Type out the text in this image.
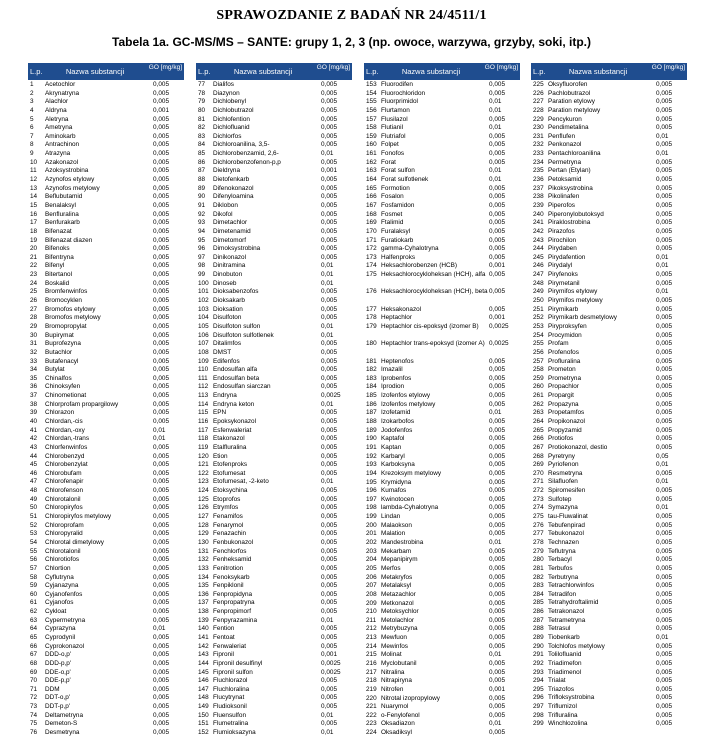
SPRAWOZDANIE Z BADAŃ NR 24/4511/1
Tabela 1a. GC-MS/MS – SANTE: grupy 1, 2, 3 (np. owoce, warzywa, grzyby, soki, itp.)
L.p.	Nazwa substancji	GO [mg/kg]
1	Acetochlor	0,005
2	Akrynatryna	0,005
3	Alachlor	0,005
4	Aldryna	0,001
5	Aletryna	0,005
6	Ametryna	0,005
7	Aminokarb	0,005
8	Antrachinon	0,005
9	Atrazyna	0,005
10	Azakonazol	0,005
11	Azoksystrobina	0,005
12	Azynofos etylowy	0,005
13	Azynofos metylowy	0,005
14	Beflubutamid	0,005
15	Benalaksyl	0,005
16	Benfluralina	0,005
17	Benfurakarb	0,005
18	Bifenazat	0,005
19	Bifenazat diazen	0,005
20	Bifenoks	0,005
21	Bifentryna	0,005
22	Bifenyl	0,005
23	Bitertanol	0,005
24	Boskalid	0,005
25	Bromfenwinfos	0,005
26	Bromocyklen	0,005
27	Bromofos etylowy	0,005
28	Bromofos metylowy	0,005
29	Bromopropylat	0,005
30	Bupirymat	0,005
31	Buprofezyna	0,005
32	Butachlor	0,005
33	Butafenacyl	0,005
34	Butylat	0,005
35	Chinalfos	0,005
36	Chinoksyfen	0,005
37	Chinometionat	0,005
38	Chlorprofam propargilowy	0,005
39	Chlorazon	0,005
40	Chlordan,-cis	0,005
41	Chlordan,-oxy	0,01
42	Chlordan,-trans	0,01
43	Chlorfenwinfos	0,005
44	Chlorobenzyd	0,005
45	Chlorobenzylat	0,005
46	Chlorobufam	0,005
47	Chlorofenapir	0,005
48	Chlorofenson	0,005
49	Chlorotalonil	0,005
50	Chloropiryfos	0,005
51	Chloropiryfos metylowy	0,005
52	Chloroprofam	0,005
53	Chloropyralid	0,005
54	Chlorotal dimetylowy	0,005
55	Chlorotalonil	0,005
56	Chlorotiofos	0,005
57	Chlortion	0,005
58	Cyflutryna	0,005
59	Cyjanazyna	0,005
60	Cyjanofenfos	0,005
61	Cyjanofos	0,005
62	Cykloat	0,005
63	Cypermetryna	0,005
64	Cyprazyna	0,01
65	Cyprodynil	0,005
66	Cyprokonazol	0,005
67	DDD-o,p'	0,005
68	DDD-p,p'	0,005
69	DDE-o,p'	0,005
70	DDE-p,p'	0,005
71	DDM	0,005
72	DDT-o,p'	0,005
73	DDT-p,p'	0,005
74	Deltametryna	0,005
75	Demeton-S	0,005
76	Desmetryna	0,005
L.p.	Nazwa substancji	GO [mg/kg]
77	Dialifos	0,005
78	Diazynon	0,005
79	Dichlobenyl	0,005
80	Dichlobutrazol	0,005
81	Dichlofention	0,005
82	Dichlofluanid	0,005
83	Dichlorfos	0,005
84	Dichloroanilina, 3,5-	0,005
85	Dichlorobenzamid, 2,6-	0,01
86	Dichlorobenzofenon-p,p	0,005
87	Dieldryna	0,001
88	Dietofenkarb	0,005
89	Difenokonazol	0,005
90	Difenyloamina	0,005
91	Diklobon	0,005
92	Dikofol	0,005
93	Dimetachlor	0,005
94	Dimetenamid	0,005
95	Dimetomorf	0,005
96	Dimoksystrobina	0,005
97	Dinikonazol	0,005
98	Dinitramina	0,01
99	Dinobuton	0,01
100 Dinoseb	0,01
101 Dioksabenzofos	0,005
102 Dioksakarb	0,005
103 Dioksation	0,005
104 Disulfoton	0,005
105 Disulfoton sulfon	0,01
106 Disulfoton sulfotlenek	0,01
107 Ditalimfos	0,005
108 DMST	0,005
109 Edifenfos	0,005
110 Endosulfan alfa	0,005
111 Endosulfan beta	0,005
112 Endosulfan siarczan	0,005
113 Endryna	0,0025
114 Endryna keton	0,01
115 EPN	0,005
116 Epoksykonazol	0,005
117 Esfenwaleriat	0,005
118 Etakonazol	0,005
119 Etalfluralina	0,005
120 Etion	0,005
121 Etofenproks	0,005
122 Etofumesat	0,005
123 Etofumesat, -2-keto	0,01
124 Etoksychina	0,005
125 Etoprofos	0,005
126 Etrymfos	0,005
127 Fenamifos	0,005
128 Fenarymol	0,005
129 Fenazachin	0,005
130 Fenbukonazol	0,005
131 Fenchlorfos	0,005
132 Fenheksamid	0,005
133 Fenitrotion	0,005
134 Fenoksykarb	0,005
135 Fenpiklonil	0,005
136 Fenpropidyna	0,005
137 Fenpropatryna	0,005
138 Fenpropimorf	0,005
139 Fenpyrazamina	0,01
140 Fention	0,005
141 Fentoat	0,005
142 Fenwaleriat	0,005
143 Fipronil	0,001
144 Fipronil desulfinyl	0,0025
145 Fipronil sulfon	0,0025
146 Fluchlorazol	0,005
147 Fluchloralina	0,005
148 Flucytrynat	0,005
149 Fludioksonil	0,005
150 Fluensulfon	0,01
151 Flumetralina	0,005
152 Flumioksazyna	0,01
L.p.	Nazwa substancji	GO [mg/kg]
153 Fluorodifen	0,005
154 Fluorochloridon	0,005
155 Fluorprimidol	0,01
156 Flurtamon	0,01
157 Flusilazol	0,005
158 Flutianil	0,01
159 Flutriafol	0,005
160 Folpet	0,005
161 Fonofos	0,005
162 Forat	0,005
163 Forat sulfon	0,01
164 Forat sulfotlenek	0,01
165 Formotion	0,005
166 Fosalon	0,005
167 Fosfamidon	0,005
168 Fosmet	0,005
169 Ftalimid	0,005
170 Furalaksyl	0,005
171 Furatiokarb	0,005
172 gamma-Cyhalotryna	0,005
173 Halfenproks	0,005
174 Heksachlorobenzen (HCB)	0,001
175 Heksachlorocykloheksan (HCH), alfa 0,005
176 Heksachlorocykloheksan (HCH), beta 0,005
177 Heksakonazol	0,005
178 Heptachlor	0,001
179 Heptachlor cis-epoksyd (izomer B)	0,0025
180 Heptachlor trans-epoksyd (izomer A) 0,0025
181 Heptenofos	0,005
182 Imazalil	0,005
183 Iprobenfos	0,005
184 Iprodion	0,005
185 Izofenfos etylowy	0,005
186 Izofenfos metylowy	0,005
187 Izofetamid	0,01
188 Izokarbofos	0,005
189 Jodofenfos	0,005
190 Kaptafol	0,005
191 Kaptan	0,005
192 Karbaryl	0,005
193 Karboksyna	0,005
194 Krezoksym metylowy	0,005
195 Krymidyna	0,005
196 Kumafos	0,005
197 Kwinotocen	0,005
198 lambda-Cyhalotryna	0,005
199 Lindan	0,005
200 Malaokson	0,005
201 Malation	0,005
202 Mandestrobina	0,01
203 Mekarbam	0,005
204 Mepanipirym	0,005
205 Merfos	0,005
206 Metakryfos	0,005
207 Metalaksyl	0,005
208 Metazachlor	0,005
209 Metkonazol	0,005
210 Metoksychlor	0,005
211 Metolachlor	0,005
212 Metrybuzyna	0,005
213 Mewfuon	0,005
214 Mewinfos	0,005
215 Molinat	0,01
216 Myclobutanil	0,005
217 Nitralina	0,005
218 Nitrapiryna	0,005
219 Nitrofen	0,001
220 Nitrotal izopropylowy	0,005
221 Nuarymol	0,005
222 o-Fenylofenol	0,005
223 Oksadiazon	0,01
224 Oksadiksyl	0,005
L.p.	Nazwa substancji	GO [mg/kg]
225 Oksyfluorofen	0,005
226 Pachlobutrazol	0,005
227 Paration etylowy	0,005
228 Paration metylowy	0,005
229 Pencykuron	0,005
230 Pendimetalina	0,005
231 Penflufen	0,01
232 Penkonazol	0,005
233 Pentachloroanilina	0,01
234 Permetryna	0,005
235 Pertan (Etylan)	0,005
236 Petoksamid	0,005
237 Pikoksystrobina	0,005
238 Pikolinafen	0,005
239 Piperofos	0,005
240 Piperonylobutoksyd	0,005
241 Piraklostrobina	0,005
242 Pirazofos	0,005
243 Pirochilon	0,005
244 Pirydaben	0,005
245 Pirydafention	0,01
246 Pirydalyl	0,01
247 Piryfenoks	0,005
248 Pirymetanil	0,005
249 Pirymifos etylowy	0,01
250 Pirymifos metylowy	0,005
251 Pirymikarb	0,005
252 Pirymikarb desmetylowy	0,005
253 Piryproksyfen	0,005
254 Procymidon	0,005
255 Profam	0,005
256 Profenofos	0,005
257 Profluralina	0,005
258 Prometon	0,005
259 Prometryna	0,005
260 Propachlor	0,005
261 Propargit	0,005
262 Propazyna	0,005
263 Propetamfos	0,005
264 Propikonazol	0,005
265 Propyzamid	0,005
266 Protiofos	0,005
267 Protiokonazol, destio	0,005
268 Pyretryny	0,05
269 Pyriofenon	0,01
270 Resmetryna	0,005
271 Silafluofen	0,01
272 Spiromesifen	0,005
273 Sulfotep	0,005
274 Symazyna	0,01
275 tau-Fluwalinat	0,005
276 Tebufenpirad	0,005
277 Tebukonazol	0,005
278 Technazen	0,005
279 Teflutryna	0,005
280 Terbacyl	0,005
281 Terbufos	0,005
282 Terbutryna	0,005
283 Tetrachlorwinfos	0,005
284 Tetradifon	0,005
285 Tetrahydroftalimid	0,005
286 Tetrakonazol	0,005
287 Tetrametryna	0,005
288 Tetrasul	0,005
289 Tiobenkarb	0,01
290 Tolchlofos metylowy	0,005
291 Tolilofluanid	0,005
292 Triadimefon	0,005
293 Triadimenol	0,005
294 Trialat	0,005
295 Triazofos	0,005
296 Trifloksystrobina	0,005
297 Triflumizol	0,005
298 Trifluralina	0,005
299 Winchlozolina	0,005
